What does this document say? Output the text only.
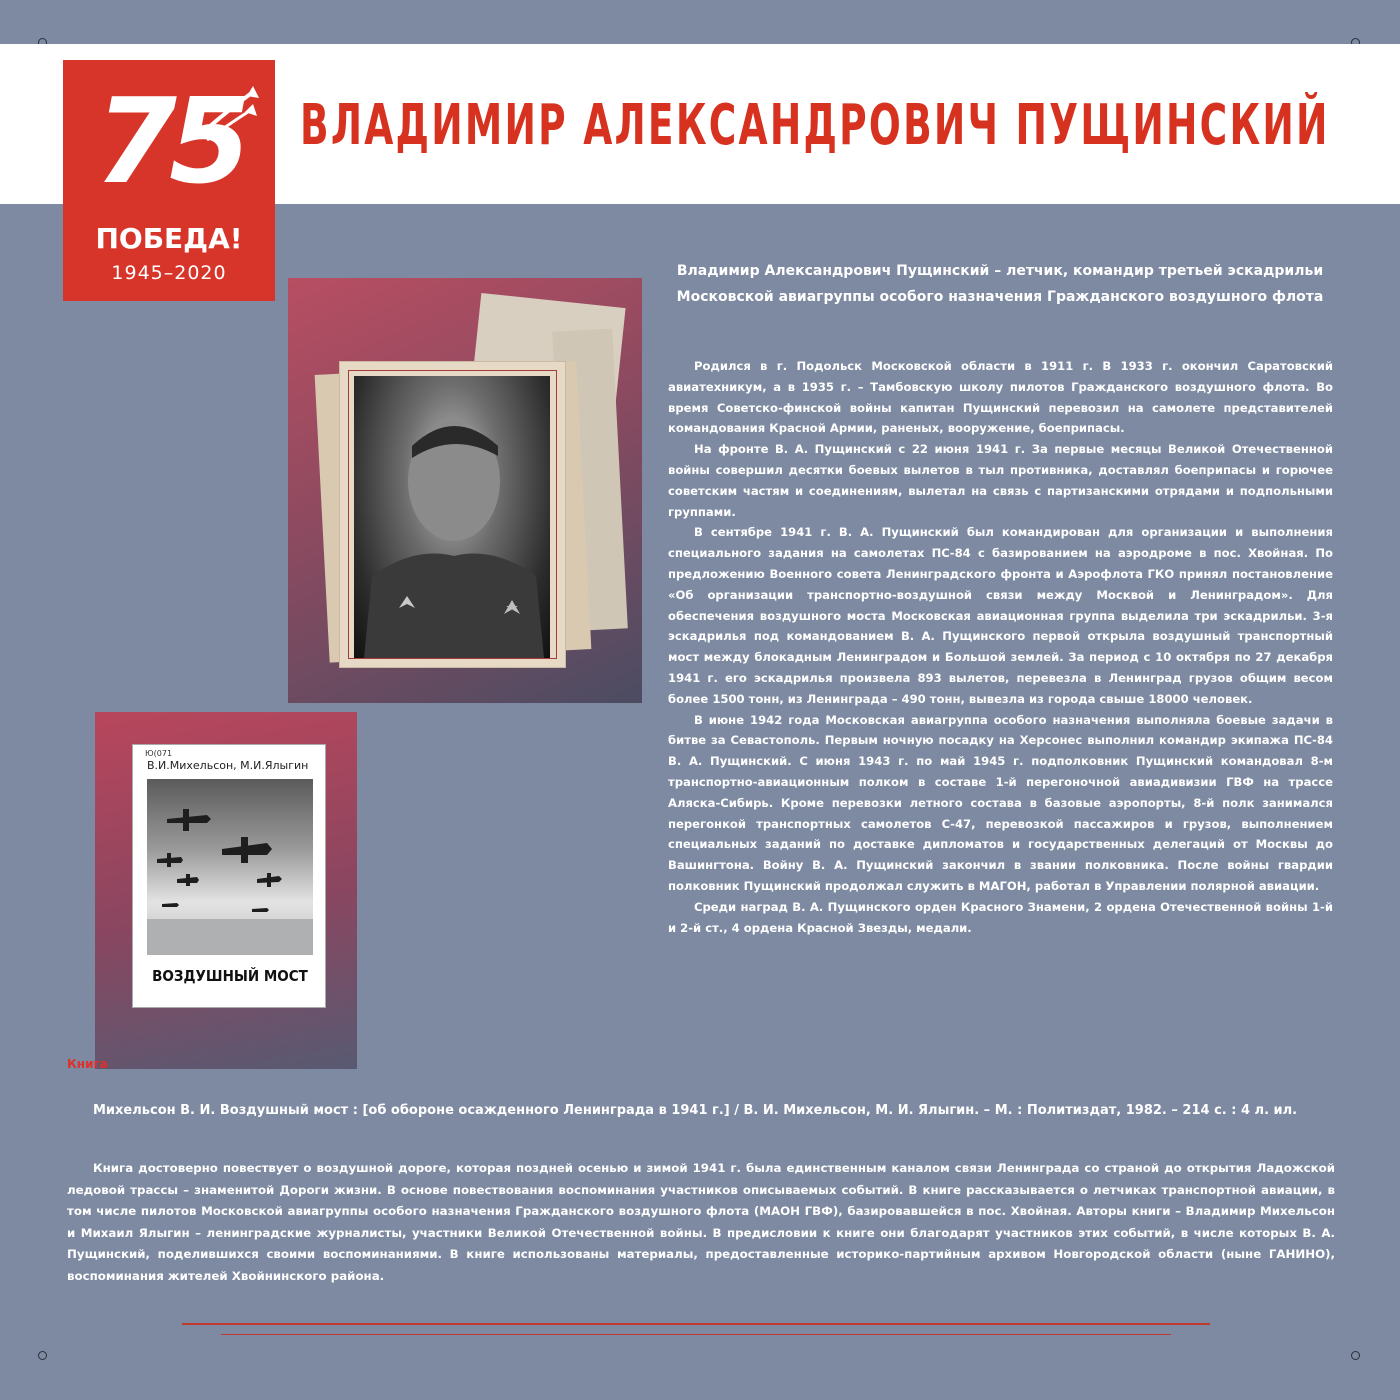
ВЛАДИМИР АЛЕКСАНДРОВИЧ ПУЩИНСКИЙ
75
ПОБЕДА!
1945–2020
Ю(071
В.И.Михельсон, М.И.Ялыгин
ВОЗДУШНЫЙ МОСТ
Книга
Владимир Александрович Пущинский – летчик, командир третьей эскадрильи Московской авиагруппы особого назначения Гражданского воздушного флота

Родился в г. Подольск Московской области в 1911 г. В 1933 г. окончил Саратовский авиатехникум, а в 1935 г. – Тамбовскую школу пилотов Гражданского воздушного флота. Во время Советско-финской войны капитан Пущинский перевозил на самолете представителей командования Красной Армии, раненых, вооружение, боеприпасы.

На фронте В. А. Пущинский с 22 июня 1941 г. За первые месяцы Великой Отечественной войны совершил десятки боевых вылетов в тыл противника, доставлял боеприпасы и горючее советским частям и соединениям, вылетал на связь с партизанскими отрядами и подпольными группами.

В сентябре 1941 г. В. А. Пущинский был командирован для организации и выполнения специального задания на самолетах ПС-84 с базированием на аэродроме в пос. Хвойная. По предложению Военного совета Ленинградского фронта и Аэрофлота ГКО принял постановление «Об организации транспортно-воздушной связи между Москвой и Ленинградом». Для обеспечения воздушного моста Московская авиационная группа выделила три эскадрильи. 3-я эскадрилья под командованием В. А. Пущинского первой открыла воздушный транспортный мост между блокадным Ленинградом и Большой землей. За период с 10 октября по 27 декабря 1941 г. его эскадрилья произвела 893 вылетов, перевезла в Ленинград грузов общим весом более 1500 тонн, из Ленинграда – 490 тонн, вывезла из города свыше 18000 человек.

В июне 1942 года Московская авиагруппа особого назначения выполняла боевые задачи в битве за Севастополь. Первым ночную посадку на Херсонес выполнил командир экипажа ПС-84 В. А. Пущинский. С июня 1943 г. по май 1945 г. подполковник Пущинский командовал 8-м транспортно-авиационным полком в составе 1-й перегоночной авиадивизии ГВФ на трассе Аляска-Сибирь. Кроме перевозки летного состава в базовые аэропорты, 8-й полк занимался перегонкой транспортных самолетов С-47, перевозкой пассажиров и грузов, выполнением специальных заданий по доставке дипломатов и государственных делегаций от Москвы до Вашингтона. Войну В. А. Пущинский закончил в звании полковника. После войны гвардии полковник Пущинский продолжал служить в МАГОН, работал в Управлении полярной авиации.

Среди наград В. А. Пущинского орден Красного Знамени, 2 ордена Отечественной войны 1-й и 2-й ст., 4 ордена Красной Звезды, медали.

Михельсон В. И. Воздушный мост : [об обороне осажденного Ленинграда в 1941 г.] / В. И. Михельсон, М. И. Ялыгин. – М. : Политиздат, 1982. – 214 с. : 4 л. ил.

Книга достоверно повествует о воздушной дороге, которая поздней осенью и зимой 1941 г. была единственным каналом связи Ленинграда со страной до открытия Ладожской ледовой трассы – знаменитой Дороги жизни. В основе повествования воспоминания участников описываемых событий. В книге рассказывается о летчиках транспортной авиации, в том числе пилотов Московской авиагруппы особого назначения Гражданского воздушного флота (МАОН ГВФ), базировавшейся в пос. Хвойная. Авторы книги – Владимир Михельсон и Михаил Ялыгин – ленинградские журналисты, участники Великой Отечественной войны. В предисловии к книге они благодарят участников этих событий, в числе которых В. А. Пущинский, поделившихся своими воспоминаниями. В книге использованы материалы, предоставленные историко-партийным архивом Новгородской области (ныне ГАНИНО), воспоминания жителей Хвойнинского района.
